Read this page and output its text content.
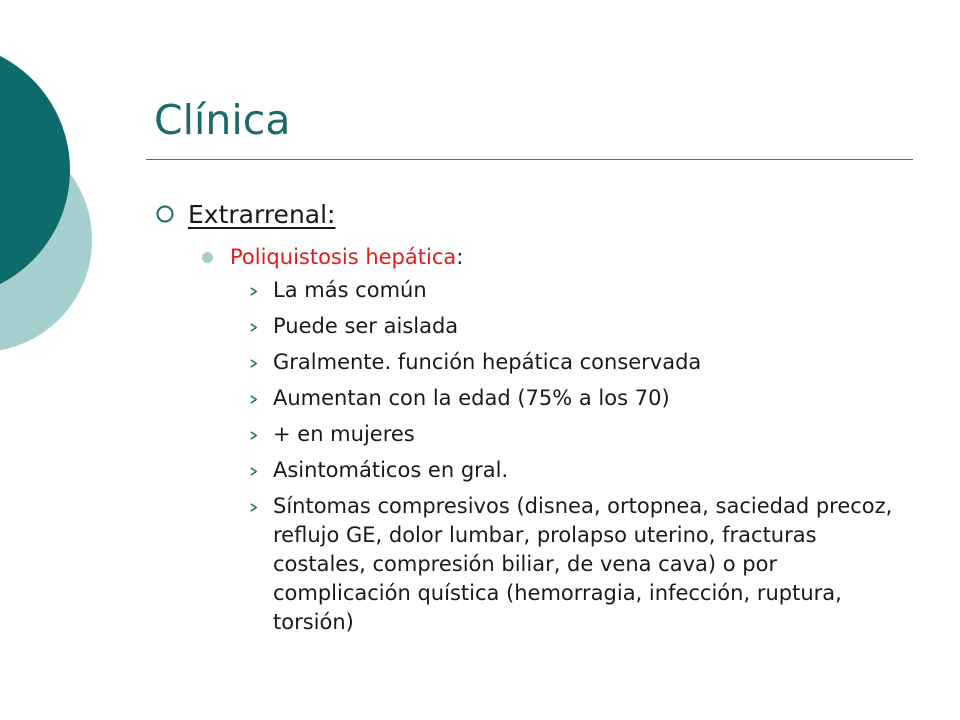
Clínica
Extrarrenal:
Poliquistosis hepática:
La más común
Puede ser aislada
Gralmente. función hepática conservada
Aumentan con la edad (75% a los 70)
+ en mujeres
Asintomáticos en gral.
Síntomas compresivos (disnea, ortopnea, saciedad precoz, reflujo GE, dolor lumbar, prolapso uterino, fracturas costales, compresión biliar, de vena cava) o por complicación quística (hemorragia, infección, ruptura, torsión)
